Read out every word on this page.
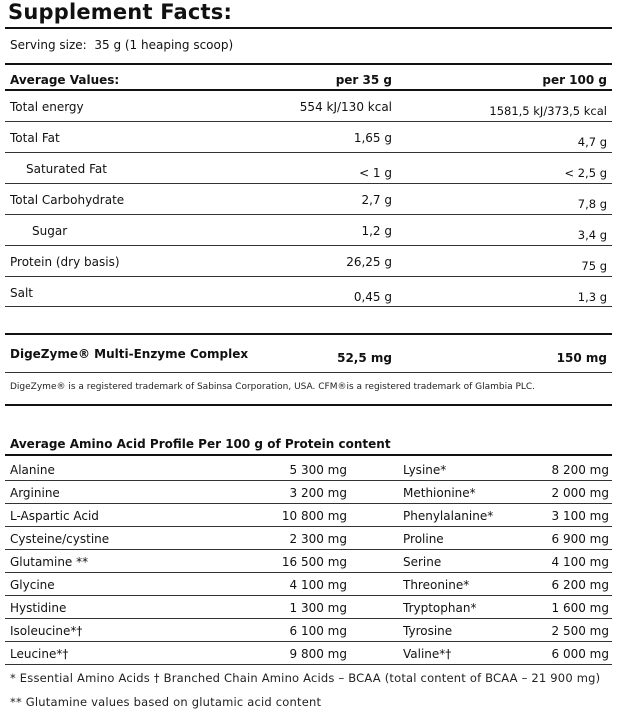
Supplement Facts:
Serving size: 35 g (1 heaping scoop)
Average Values:	per 35 g	per 100 g
Total energy	554 kJ/130 kcal	1581,5 kJ/373,5 kcal
Total Fat	1,65 g	4,7 g
Saturated Fat	< 1 g	< 2,5 g
Total Carbohydrate	2,7 g	7,8 g
Sugar	1,2 g	3,4 g
Protein (dry basis)	26,25 g	75 g
Salt	0,45 g	1,3 g
DigeZyme® Multi-Enzyme Complex	52,5 mg	150 mg
DigeZyme® is a registered trademark of Sabinsa Corporation, USA. CFM®is a registered trademark of Glambia PLC.
Average Amino Acid Profile Per 100 g of Protein content
Alanine	5 300 mg	Lysine*	8 200 mg
Arginine	3 200 mg	Methionine*	2 000 mg
L-Aspartic Acid	10 800 mg	Phenylalanine*	3 100 mg
Cysteine/cystine	2 300 mg	Proline	6 900 mg
Glutamine **	16 500 mg	Serine	4 100 mg
Glycine	4 100 mg	Threonine*	6 200 mg
Hystidine	1 300 mg	Tryptophan*	1 600 mg
Isoleucine*†	6 100 mg	Tyrosine	2 500 mg
Leucine*†	9 800 mg	Valine*†	6 000 mg
* Essential Amino Acids † Branched Chain Amino Acids – BCAA (total content of BCAA – 21 900 mg)
** Glutamine values based on glutamic acid content
